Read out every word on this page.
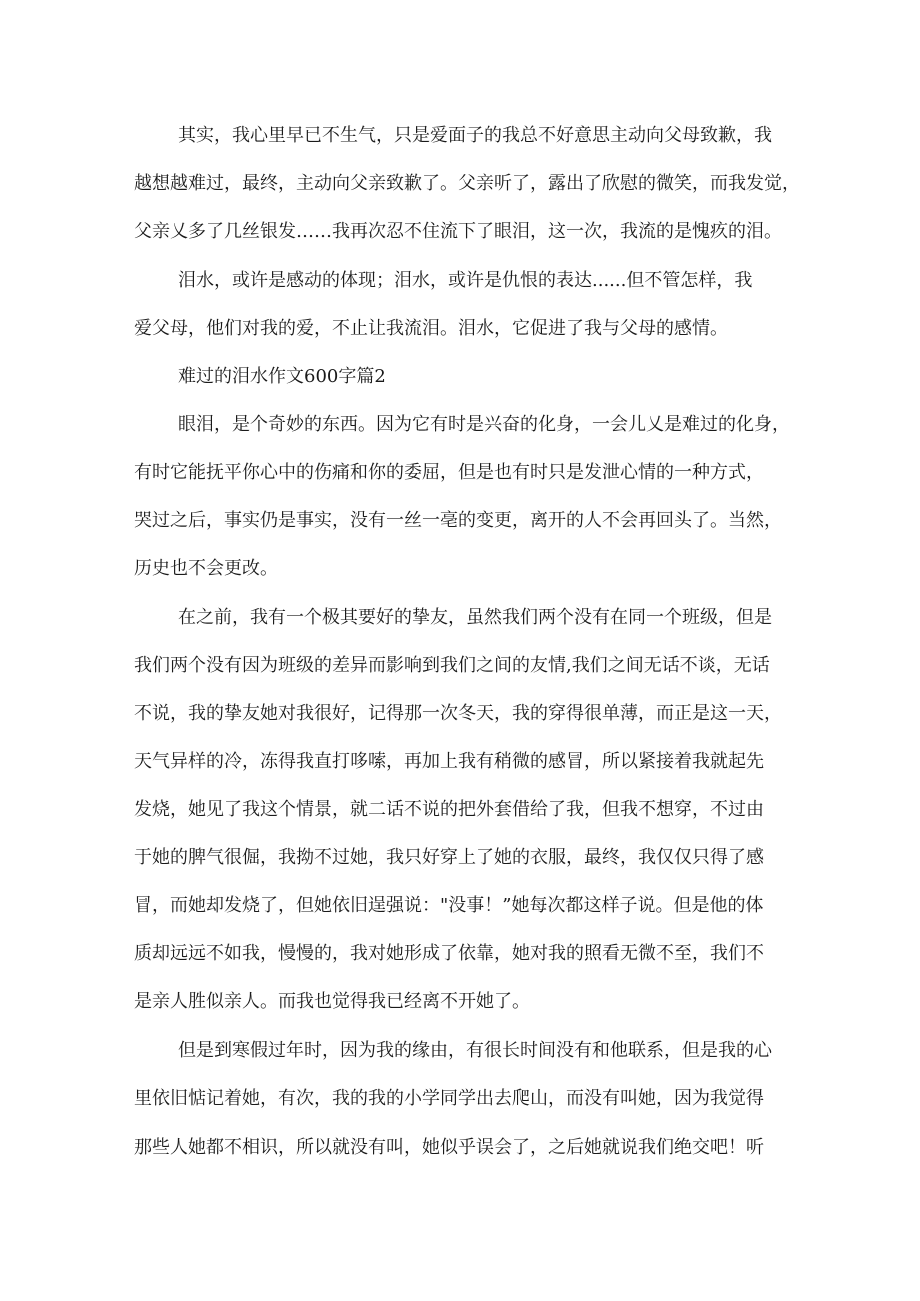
其实，我心里早已不生气，只是爱面子的我总不好意思主动向父母致歉，我
越想越难过，最终，主动向父亲致歉了。父亲听了，露出了欣慰的微笑，而我发觉，
父亲乂多了几丝银发……我再次忍不住流下了眼泪，这一次，我流的是愧疚的泪。
泪水，或许是感动的体现；泪水，或许是仇恨的表达......但不管怎样，我
爱父母，他们对我的爱，不止让我流泪。泪水，它促进了我与父母的感情。
难过的泪水作文600字篇2
眼泪，是个奇妙的东西。因为它有时是兴奋的化身，一会儿乂是难过的化身，
有时它能抚平你心中的伤痛和你的委屈，但是也有时只是发泄心情的一种方式，
哭过之后，事实仍是事实，没有一丝一亳的变更，离开的人不会再回头了。当然，
历史也不会更改。
在之前，我有一个极其要好的挚友，虽然我们两个没有在同一个班级，但是
我们两个没有因为班级的差异而影响到我们之间的友情,我们之间无话不谈，无话
不说，我的挚友她对我很好，记得那一次冬天，我的穿得很单薄，而正是这一天，
天气异样的冷，冻得我直打哆嗦，再加上我有稍微的感冒，所以紧接着我就起先
发烧，她见了我这个情景，就二话不说的把外套借给了我，但我不想穿，不过由
于她的脾气很倔，我拗不过她，我只好穿上了她的衣服，最终，我仅仅只得了感
冒，而她却发烧了，但她依旧逞强说："没事！”她每次都这样子说。但是他的体
质却远远不如我，慢慢的，我对她形成了依靠，她对我的照看无微不至，我们不
是亲人胜似亲人。而我也觉得我已经离不开她了。
但是到寒假过年时，因为我的缘由，有很长时间没有和他联系，但是我的心
里依旧惦记着她，有次，我的我的小学同学出去爬山，而没有叫她，因为我觉得
那些人她都不相识，所以就没有叫，她似乎误会了，之后她就说我们绝交吧！听
